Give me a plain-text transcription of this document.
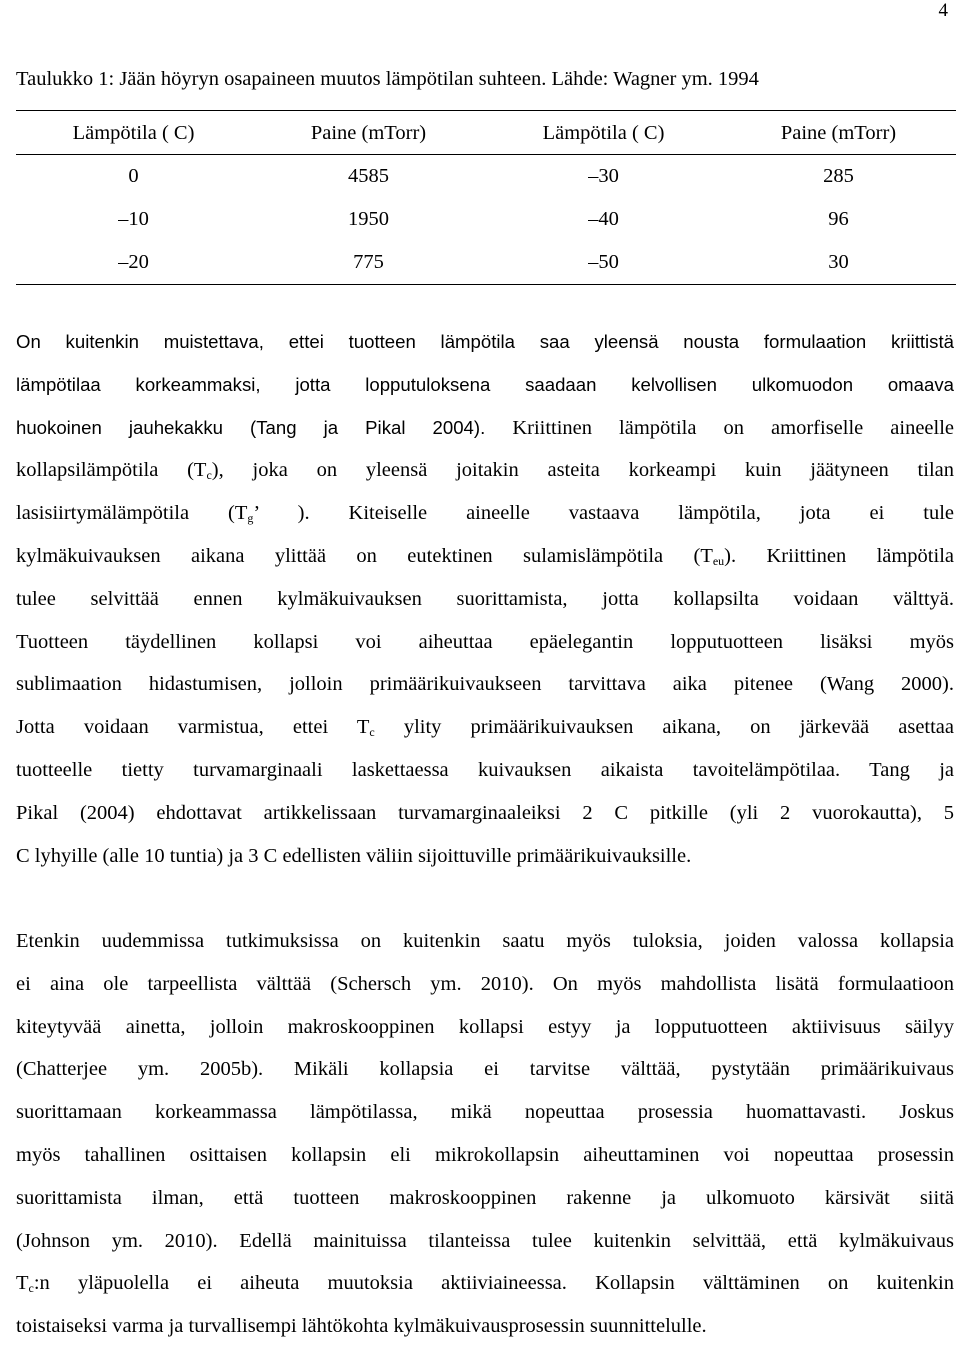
4
Taulukko 1: Jään höyryn osapaineen muutos lämpötilan suhteen. Lähde: Wagner ym. 1994
Lämpötila ( C)	Paine (mTorr)	Lämpötila ( C)	Paine (mTorr)
0	4585	–30	285
–10	1950	–40	96
–20	775	–50	30
On kuitenkin muistettava, ettei tuotteen lämpötila saa yleensä nousta formulaation kriittistä
lämpötilaa korkeammaksi, jotta lopputuloksena saadaan kelvollisen ulkomuodon omaava
huokoinen jauhekakku (Tang ja Pikal 2004). Kriittinen lämpötila on amorfiselle aineelle
kollapsilämpötila $(T_c)$, joka on yleensä joitakin asteita korkeampi kuin jäätyneen tilan
lasisiirtymälämpötila ($T_g$’ ). Kiteiselle aineelle vastaava lämpötila, jota ei tule
kylmäkuivauksen aikana ylittää on eutektinen sulamislämpötila $(T_{eu})$. Kriittinen lämpötila
tulee selvittää ennen kylmäkuivauksen suorittamista, jotta kollapsilta voidaan välttyä.
Tuotteen täydellinen kollapsi voi aiheuttaa epäelegantin lopputuotteen lisäksi myös
sublimaation hidastumisen, jolloin primäärikuivaukseen tarvittava aika pitenee (Wang 2000).
Jotta voidaan varmistua, ettei $T_c$ ylity primäärikuivauksen aikana, on järkevää asettaa
tuotteelle tietty turvamarginaali laskettaessa kuivauksen aikaista tavoitelämpötilaa. Tang ja
Pikal (2004) ehdottavat artikkelissaan turvamarginaaleiksi 2 C pitkille (yli 2 vuorokautta), 5
C lyhyille (alle 10 tuntia) ja 3 C edellisten väliin sijoittuville primäärikuivauksille.
Etenkin uudemmissa tutkimuksissa on kuitenkin saatu myös tuloksia, joiden valossa kollapsia
ei aina ole tarpeellista välttää (Schersch ym. 2010). On myös mahdollista lisätä formulaatioon
kiteytyvää ainetta, jolloin makroskooppinen kollapsi estyy ja lopputuotteen aktiivisuus säilyy
(Chatterjee ym. 2005b). Mikäli kollapsia ei tarvitse välttää, pystytään primäärikuivaus
suorittamaan korkeammassa lämpötilassa, mikä nopeuttaa prosessia huomattavasti. Joskus
myös tahallinen osittaisen kollapsin eli mikrokollapsin aiheuttaminen voi nopeuttaa prosessin
suorittamista ilman, että tuotteen makroskooppinen rakenne ja ulkomuoto kärsivät siitä
(Johnson ym. 2010). Edellä mainituissa tilanteissa tulee kuitenkin selvittää, että kylmäkuivaus
$T_c:n$ yläpuolella ei aiheuta muutoksia aktiiviaineessa. Kollapsin välttäminen on kuitenkin
toistaiseksi varma ja turvallisempi lähtökohta kylmäkuivausprosessin suunnittelulle.
